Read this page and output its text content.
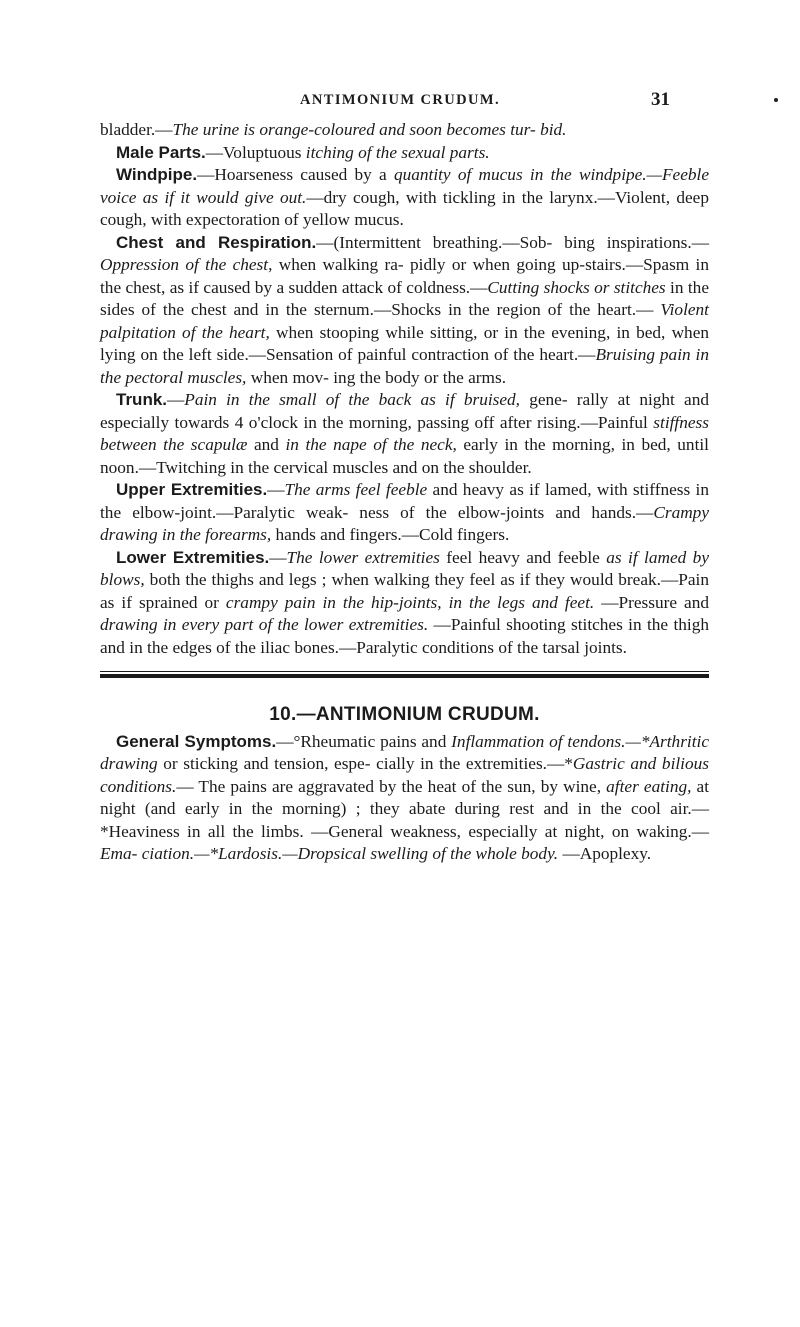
ANTIMONIUM CRUDUM.	31

bladder.—The urine is orange-coloured and soon becomes tur- bid.

Male Parts.—Voluptuous itching of the sexual parts.

Windpipe.—Hoarseness caused by a quantity of mucus in the windpipe.—Feeble voice as if it would give out.—dry cough, with tickling in the larynx.—Violent, deep cough, with expectoration of yellow mucus.

Chest and Respiration.—(Intermittent breathing.—Sob- bing inspirations.—Oppression of the chest, when walking ra- pidly or when going up-stairs.—Spasm in the chest, as if caused by a sudden attack of coldness.—Cutting shocks or stitches in the sides of the chest and in the sternum.—Shocks in the region of the heart.— Violent palpitation of the heart, when stooping while sitting, or in the evening, in bed, when lying on the left side.—Sensation of painful contraction of the heart.—Bruising pain in the pectoral muscles, when mov- ing the body or the arms.

Trunk.—Pain in the small of the back as if bruised, gene- rally at night and especially towards 4 o'clock in the morning, passing off after rising.—Painful stiffness between the scapulæ and in the nape of the neck, early in the morning, in bed, until noon.—Twitching in the cervical muscles and on the shoulder.

Upper Extremities.—The arms feel feeble and heavy as if lamed, with stiffness in the elbow-joint.—Paralytic weak- ness of the elbow-joints and hands.—Crampy drawing in the forearms, hands and fingers.—Cold fingers.

Lower Extremities.—The lower extremities feel heavy and feeble as if lamed by blows, both the thighs and legs ; when walking they feel as if they would break.—Pain as if sprained or crampy pain in the hip-joints, in the legs and feet. —Pressure and drawing in every part of the lower extremities. —Painful shooting stitches in the thigh and in the edges of the iliac bones.—Paralytic conditions of the tarsal joints.

10.—ANTIMONIUM CRUDUM.

General Symptoms.—°Rheumatic pains and Inflammation of tendons.—*Arthritic drawing or sticking and tension, espe- cially in the extremities.—*Gastric and bilious conditions.— The pains are aggravated by the heat of the sun, by wine, after eating, at night (and early in the morning) ; they abate during rest and in the cool air.—*Heaviness in all the limbs. —General weakness, especially at night, on waking.—Ema- ciation.—*Lardosis.—Dropsical swelling of the whole body. —Apoplexy.
